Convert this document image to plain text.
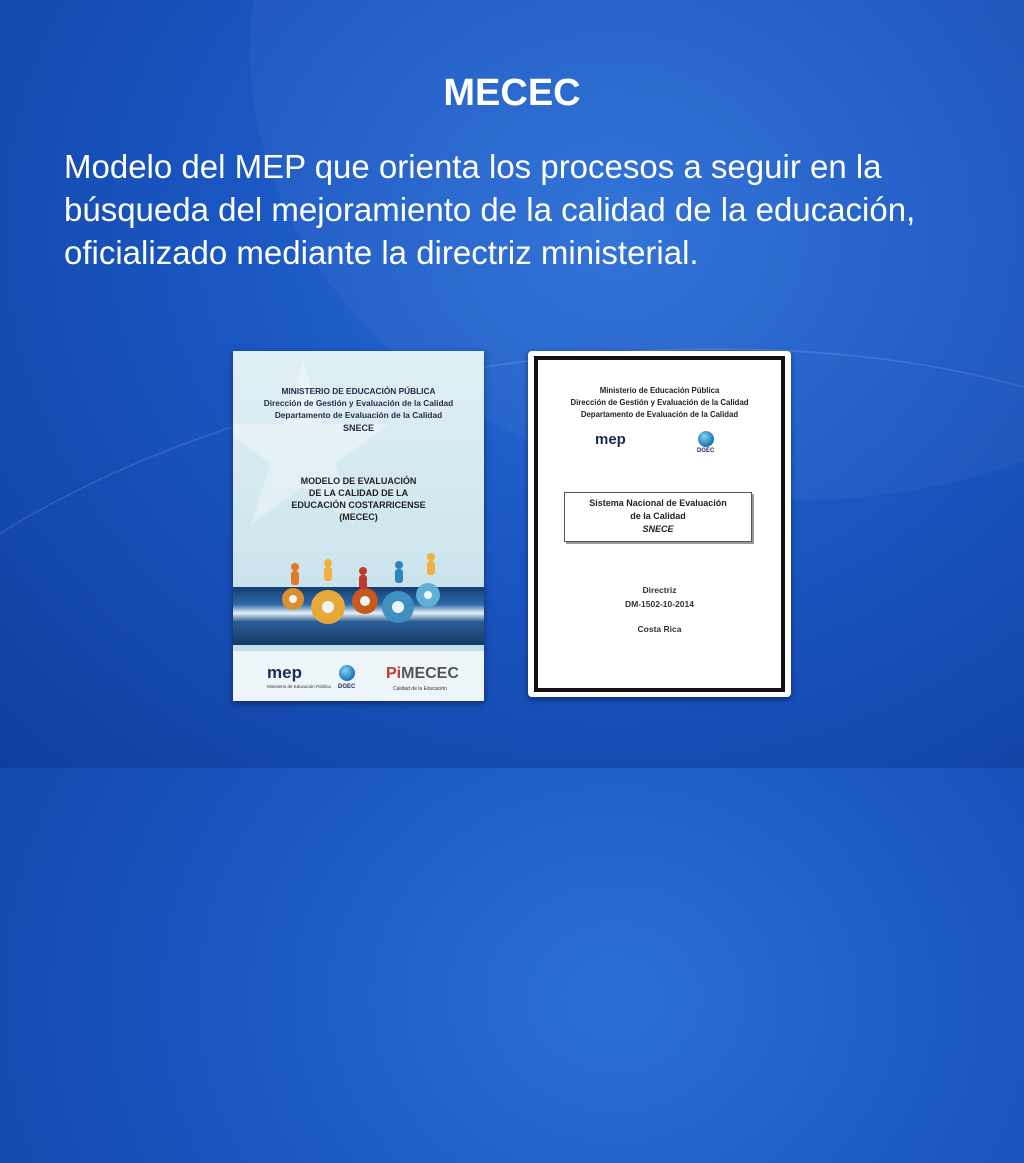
MECEC

Modelo del MEP que orienta los procesos a seguir en la búsqueda del mejoramiento de la calidad de la educación, oficializado mediante la directriz ministerial.

MINISTERIO DE EDUCACIÓN PÚBLICA
Dirección de Gestión y Evaluación de la Calidad
Departamento de Evaluación de la Calidad
SNECE
MODELO DE EVALUACIÓN
DE LA CALIDAD DE LA
EDUCACIÓN COSTARRICENSE
(MECEC)
mep
Ministerio de Educación Pública DGEC
PiMECEC
Calidad de la Educación
Ministerio de Educación Pública
Dirección de Gestión y Evaluación de la Calidad
Departamento de Evaluación de la Calidad
mep
DGEC
Sistema Nacional de Evaluación
de la Calidad
SNECE
Directriz
DM-1502-10-2014
Costa Rica
